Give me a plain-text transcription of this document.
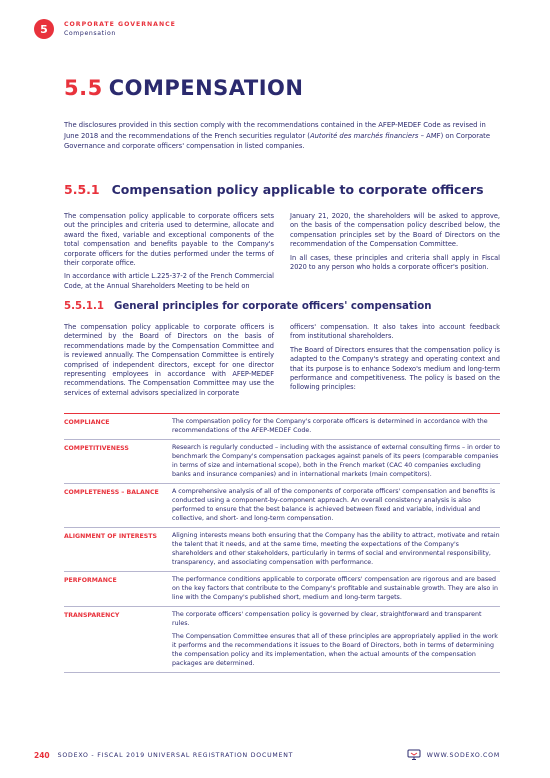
5	CORPORATE GOVERNANCE
Compensation
5.5 COMPENSATION

The disclosures provided in this section comply with the recommendations contained in the AFEP-MEDEF Code as revised in June 2018 and the recommendations of the French securities regulator (Autorité des marchés financiers – AMF) on Corporate Governance and corporate officers' compensation in listed companies.

5.5.1 Compensation policy applicable to corporate officers

The compensation policy applicable to corporate officers sets out the principles and criteria used to determine, allocate and award the fixed, variable and exceptional components of the total compensation and benefits payable to the Company's corporate officers for the duties performed under the terms of their corporate office.

In accordance with article L.225-37-2 of the French Commercial Code, at the Annual Shareholders Meeting to be held on

January 21, 2020, the shareholders will be asked to approve, on the basis of the compensation policy described below, the compensation principles set by the Board of Directors on the recommendation of the Compensation Committee.

In all cases, these principles and criteria shall apply in Fiscal 2020 to any person who holds a corporate officer's position.

5.5.1.1 General principles for corporate officers' compensation

The compensation policy applicable to corporate officers is determined by the Board of Directors on the basis of recommendations made by the Compensation Committee and is reviewed annually. The Compensation Committee is entirely comprised of independent directors, except for one director representing employees in accordance with AFEP-MEDEF recommendations. The Compensation Committee may use the services of external advisors specialized in corporate

officers' compensation. It also takes into account feedback from institutional shareholders.

The Board of Directors ensures that the compensation policy is adapted to the Company's strategy and operating context and that its purpose is to enhance Sodexo's medium and long-term performance and competitiveness. The policy is based on the following principles:

COMPLIANCE	The compensation policy for the Company's corporate officers is determined in accordance with the recommendations of the AFEP-MEDEF Code.

COMPETITIVENESS	Research is regularly conducted – including with the assistance of external consulting firms – in order to benchmark the Company's compensation packages against panels of its peers (comparable companies in terms of size and international scope), both in the French market (CAC 40 companies excluding banks and insurance companies) and in international markets (main competitors).

COMPLETENESS – BALANCE	A comprehensive analysis of all of the components of corporate officers' compensation and benefits is conducted using a component-by-component approach. An overall consistency analysis is also performed to ensure that the best balance is achieved between fixed and variable, individual and collective, and short- and long-term compensation.

ALIGNMENT OF INTERESTS	Aligning interests means both ensuring that the Company has the ability to attract, motivate and retain the talent that it needs, and at the same time, meeting the expectations of the Company's shareholders and other stakeholders, particularly in terms of social and environmental responsibility, transparency, and associating compensation with performance.

PERFORMANCE	The performance conditions applicable to corporate officers' compensation are rigorous and are based on the key factors that contribute to the Company's profitable and sustainable growth. They are also in line with the Company's published short, medium and long-term targets.

TRANSPARENCY	The corporate officers' compensation policy is governed by clear, straightforward and transparent rules.

The Compensation Committee ensures that all of these principles are appropriately applied in the work it performs and the recommendations it issues to the Board of Directors, both in terms of determining the compensation policy and its implementation, when the actual amounts of the compensation packages are determined.

240 SODEXO - FISCAL 2019 UNIVERSAL REGISTRATION DOCUMENT	WWW.SODEXO.COM
